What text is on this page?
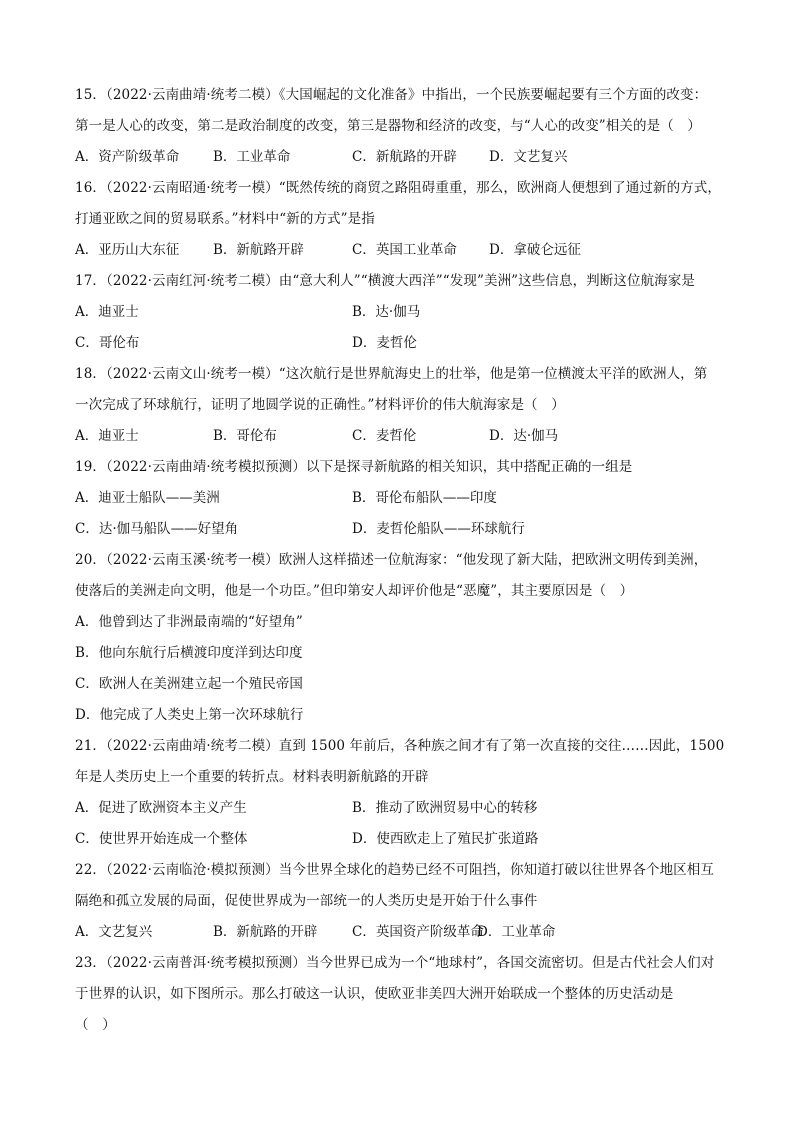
15．（2022·云南曲靖·统考二模）《大国崛起的文化准备》中指出，一个民族要崛起要有三个方面的改变：
第一是人心的改变，第二是政治制度的改变，第三是器物和经济的改变，与“人心的改变”相关的是（　）
A．资产阶级革命	B．工业革命	C．新航路的开辟 D．文艺复兴
16．（2022·云南昭通·统考一模）“既然传统的商贸之路阻碍重重，那么，欧洲商人便想到了通过新的方式，
打通亚欧之间的贸易联系。”材料中“新的方式”是指
A．亚历山大东征	B．新航路开辟	C．英国工业革命 D．拿破仑远征
17．（2022·云南红河·统考二模）由“意大利人”“横渡大西洋”“发现”美洲”这些信息，判断这位航海家是
A．迪亚士	B．达·伽马
C．哥伦布	D．麦哲伦
18．（2022·云南文山·统考一模）“这次航行是世界航海史上的壮举，他是第一位横渡太平洋的欧洲人，第
一次完成了环球航行，证明了地圆学说的正确性。”材料评价的伟大航海家是（　）
A．迪亚士	B．哥伦布	C．麦哲伦	D．达·伽马
19．（2022·云南曲靖·统考模拟预测）以下是探寻新航路的相关知识，其中搭配正确的一组是
A．迪亚士船队——美洲	B．哥伦布船队——印度
C．达·伽马船队——好望角	D．麦哲伦船队——环球航行
20．（2022·云南玉溪·统考一模）欧洲人这样描述一位航海家：“他发现了新大陆，把欧洲文明传到美洲，
使落后的美洲走向文明，他是一个功臣。”但印第安人却评价他是“恶魔”，其主要原因是（　）
A．他曾到达了非洲最南端的“好望角”
B．他向东航行后横渡印度洋到达印度
C．欧洲人在美洲建立起一个殖民帝国
D．他完成了人类史上第一次环球航行
21．（2022·云南曲靖·统考二模）直到 1500 年前后，各种族之间才有了第一次直接的交往……因此，1500
年是人类历史上一个重要的转折点。材料表明新航路的开辟
A．促进了欧洲资本主义产生	B．推动了欧洲贸易中心的转移
C．使世界开始连成一个整体	D．使西欧走上了殖民扩张道路
22．（2022·云南临沧·模拟预测）当今世界全球化的趋势已经不可阻挡，你知道打破以往世界各个地区相互
隔绝和孤立发展的局面，促使世界成为一部统一的人类历史是开始于什么事件
A．文艺复兴	B．新航路的开辟	C．英国资产阶级革命
D．工业革命
23．（2022·云南普洱·统考模拟预测）当今世界已成为一个“地球村”，各国交流密切。但是古代社会人们对
于世界的认识，如下图所示。那么打破这一认识，使欧亚非美四大洲开始联成一个整体的历史活动是
（　）
